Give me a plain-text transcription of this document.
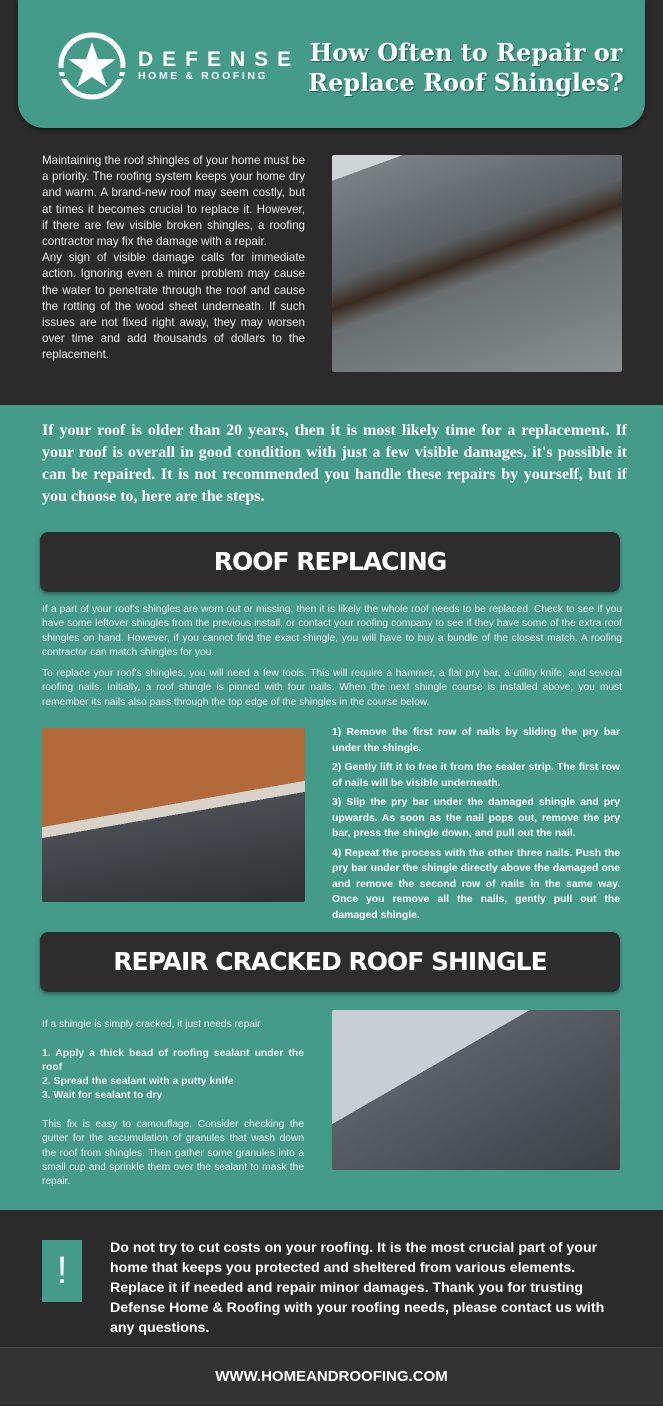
DEFENSE
HOME & ROOFING
How Often to Repair or Replace Roof Shingles?

Maintaining the roof shingles of your home must be a priority. The roofing system keeps your home dry and warm. A brand-new roof may seem costly, but at times it becomes crucial to replace it. However, if there are few visible broken shingles, a roofing contractor may fix the damage with a repair.

Any sign of visible damage calls for immediate action. Ignoring even a minor problem may cause the water to penetrate through the roof and cause the rotting of the wood sheet underneath. If such issues are not fixed right away, they may worsen over time and add thousands of dollars to the replacement.

If your roof is older than 20 years, then it is most likely time for a replacement. If your roof is overall in good condition with just a few visible damages, it's possible it can be repaired. It is not recommended you handle these repairs by yourself, but if you choose to, here are the steps.
ROOF REPLACING

If a part of your roof's shingles are worn out or missing, then it is likely the whole roof needs to be replaced. Check to see if you have some leftover shingles from the previous install, or contact your roofing company to see if they have some of the extra roof shingles on hand. However, if you cannot find the exact shingle, you will have to buy a bundle of the closest match. A roofing contractor can match shingles for you.

To replace your roof's shingles, you will need a few tools. This will require a hammer, a flat pry bar, a utility knife, and several roofing nails. Initially, a roof shingle is pinned with four nails. When the next shingle course is installed above, you must remember its nails also pass through the top edge of the shingles in the course below.

1) Remove the first row of nails by sliding the pry bar under the shingle.
2) Gently lift it to free it from the sealer strip. The first row of nails will be visible underneath.
3) Slip the pry bar under the damaged shingle and pry upwards. As soon as the nail pops out, remove the pry bar, press the shingle down, and pull out the nail.
4) Repeat the process with the other three nails. Push the pry bar under the shingle directly above the damaged one and remove the second row of nails in the same way. Once you remove all the nails, gently pull out the damaged shingle.
REPAIR CRACKED ROOF SHINGLE

If a shingle is simply cracked, it just needs repair.

1. Apply a thick bead of roofing sealant under the roof

2. Spread the sealant with a putty knife

3. Wait for sealant to dry

This fix is easy to camouflage. Consider checking the gutter for the accumulation of granules that wash down the roof from shingles. Then gather some granules into a small cup and sprinkle them over the sealant to mask the repair.

!
Do not try to cut costs on your roofing. It is the most crucial part of your home that keeps you protected and sheltered from various elements. Replace it if needed and repair minor damages. Thank you for trusting Defense Home & Roofing with your roofing needs, please contact us with any questions.
WWW.HOMEANDROOFING.COM
